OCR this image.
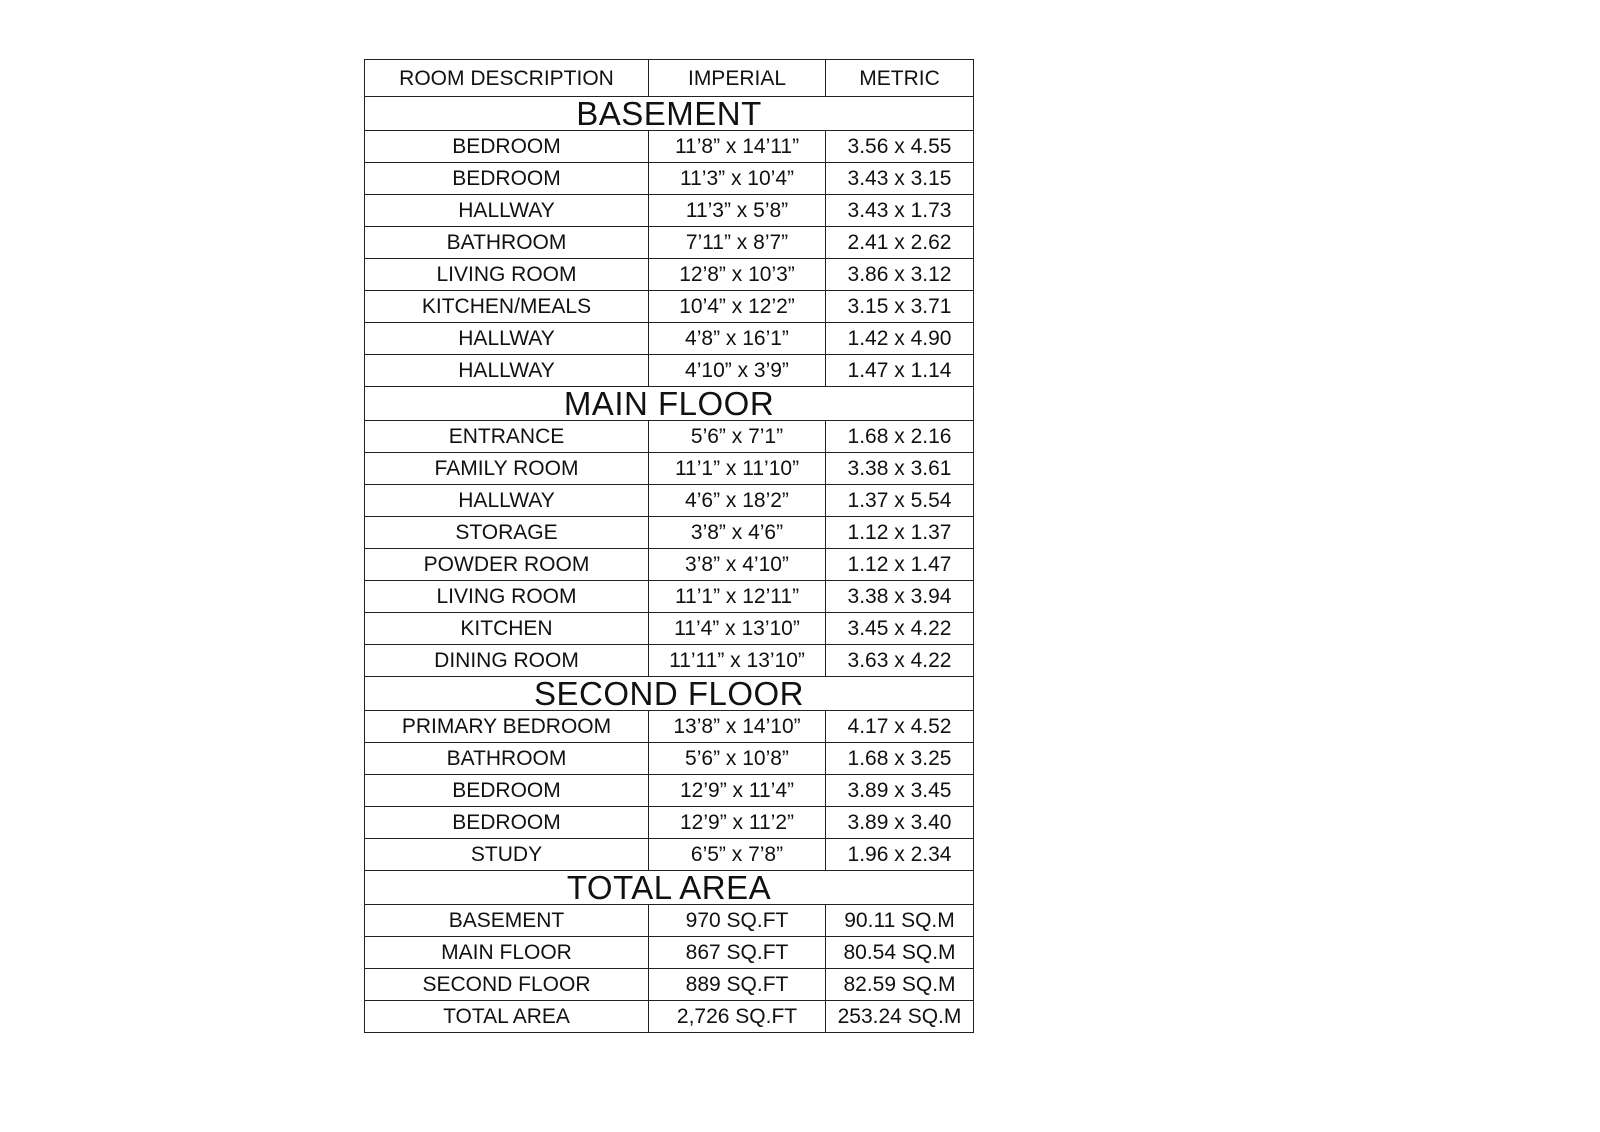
ROOM DESCRIPTION	IMPERIAL	METRIC
BASEMENT		
BEDROOM	11’8” x 14’11”	3.56 x 4.55
BEDROOM	11’3” x 10’4”	3.43 x 3.15
HALLWAY	11’3” x 5’8”	3.43 x 1.73
BATHROOM	7’11” x 8’7”	2.41 x 2.62
LIVING ROOM	12’8” x 10’3”	3.86 x 3.12
KITCHEN/MEALS	10’4” x 12’2”	3.15 x 3.71
HALLWAY	4’8” x 16’1”	1.42 x 4.90
HALLWAY	4’10” x 3’9”	1.47 x 1.14
MAIN FLOOR		
ENTRANCE	5’6” x 7’1”	1.68 x 2.16
FAMILY ROOM	11’1” x 11’10”	3.38 x 3.61
HALLWAY	4’6” x 18’2”	1.37 x 5.54
STORAGE	3’8” x 4’6”	1.12 x 1.37
POWDER ROOM	3’8” x 4’10”	1.12 x 1.47
LIVING ROOM	11’1” x 12’11”	3.38 x 3.94
KITCHEN	11’4” x 13’10”	3.45 x 4.22
DINING ROOM	11’11” x 13’10”	3.63 x 4.22
SECOND FLOOR		
PRIMARY BEDROOM	13’8” x 14’10”	4.17 x 4.52
BATHROOM	5’6” x 10’8”	1.68 x 3.25
BEDROOM	12’9” x 11’4”	3.89 x 3.45
BEDROOM	12’9” x 11’2”	3.89 x 3.40
STUDY	6’5” x 7’8”	1.96 x 2.34
TOTAL AREA		
BASEMENT	970 SQ.FT	90.11 SQ.M
MAIN FLOOR	867 SQ.FT	80.54 SQ.M
SECOND FLOOR	889 SQ.FT	82.59 SQ.M
TOTAL AREA	2,726 SQ.FT	253.24 SQ.M
